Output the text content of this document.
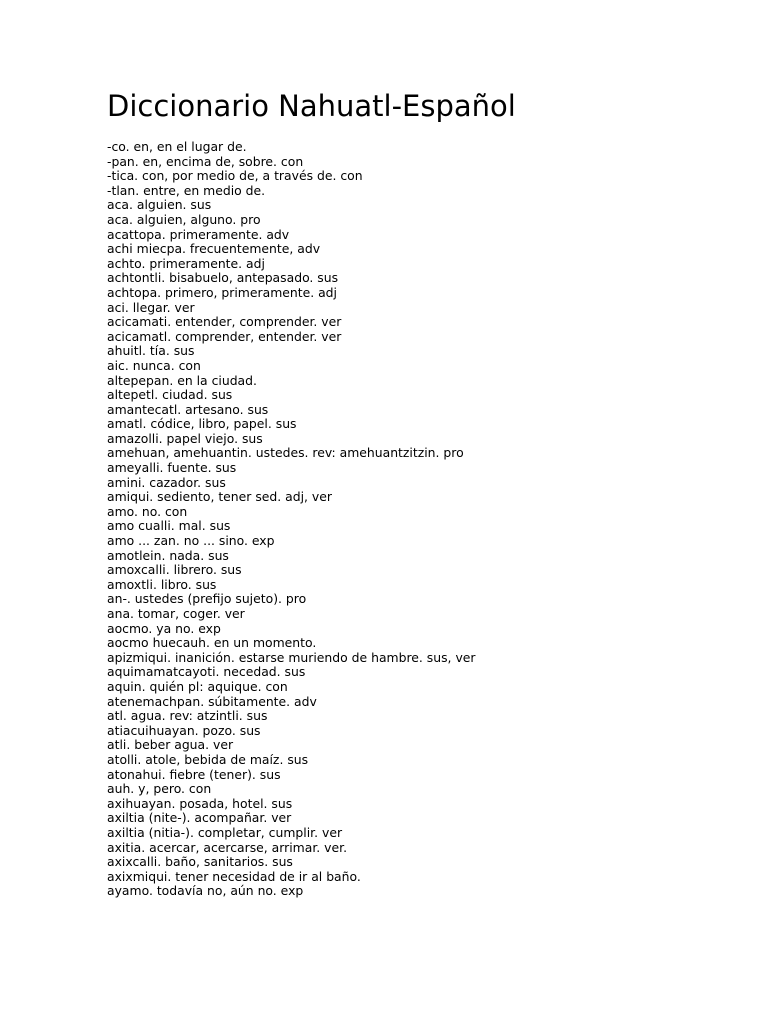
Diccionario Nahuatl-Español
-co. en, en el lugar de.
-pan. en, encima de, sobre. con
-tica. con, por medio de, a través de. con
-tlan. entre, en medio de.
aca. alguien. sus
aca. alguien, alguno. pro
acattopa. primeramente. adv
achi miecpa. frecuentemente, adv
achto. primeramente. adj
achtontli. bisabuelo, antepasado. sus
achtopa. primero, primeramente. adj
aci. llegar. ver
acicamati. entender, comprender. ver
acicamatl. comprender, entender. ver
ahuitl. tía. sus
aic. nunca. con
altepepan. en la ciudad.
altepetl. ciudad. sus
amantecatl. artesano. sus
amatl. códice, libro, papel. sus
amazolli. papel viejo. sus
amehuan, amehuantin. ustedes. rev: amehuantzitzin. pro
ameyalli. fuente. sus
amini. cazador. sus
amiqui. sediento, tener sed. adj, ver
amo. no. con
amo cualli. mal. sus
amo ... zan. no ... sino. exp
amotlein. nada. sus
amoxcalli. librero. sus
amoxtli. libro. sus
an-. ustedes (prefijo sujeto). pro
ana. tomar, coger. ver
aocmo. ya no. exp
aocmo huecauh. en un momento.
apizmiqui. inanición. estarse muriendo de hambre. sus, ver
aquimamatcayoti. necedad. sus
aquin. quién pl: aquique. con
atenemachpan. súbitamente. adv
atl. agua. rev: atzintli. sus
atiacuihuayan. pozo. sus
atli. beber agua. ver
atolli. atole, bebida de maíz. sus
atonahui. fiebre (tener). sus
auh. y, pero. con
axihuayan. posada, hotel. sus
axiltia (nite-). acompañar. ver
axiltia (nitia-). completar, cumplir. ver
axitia. acercar, acercarse, arrimar. ver.
axixcalli. baño, sanitarios. sus
axixmiqui. tener necesidad de ir al baño.
ayamo. todavía no, aún no. exp
